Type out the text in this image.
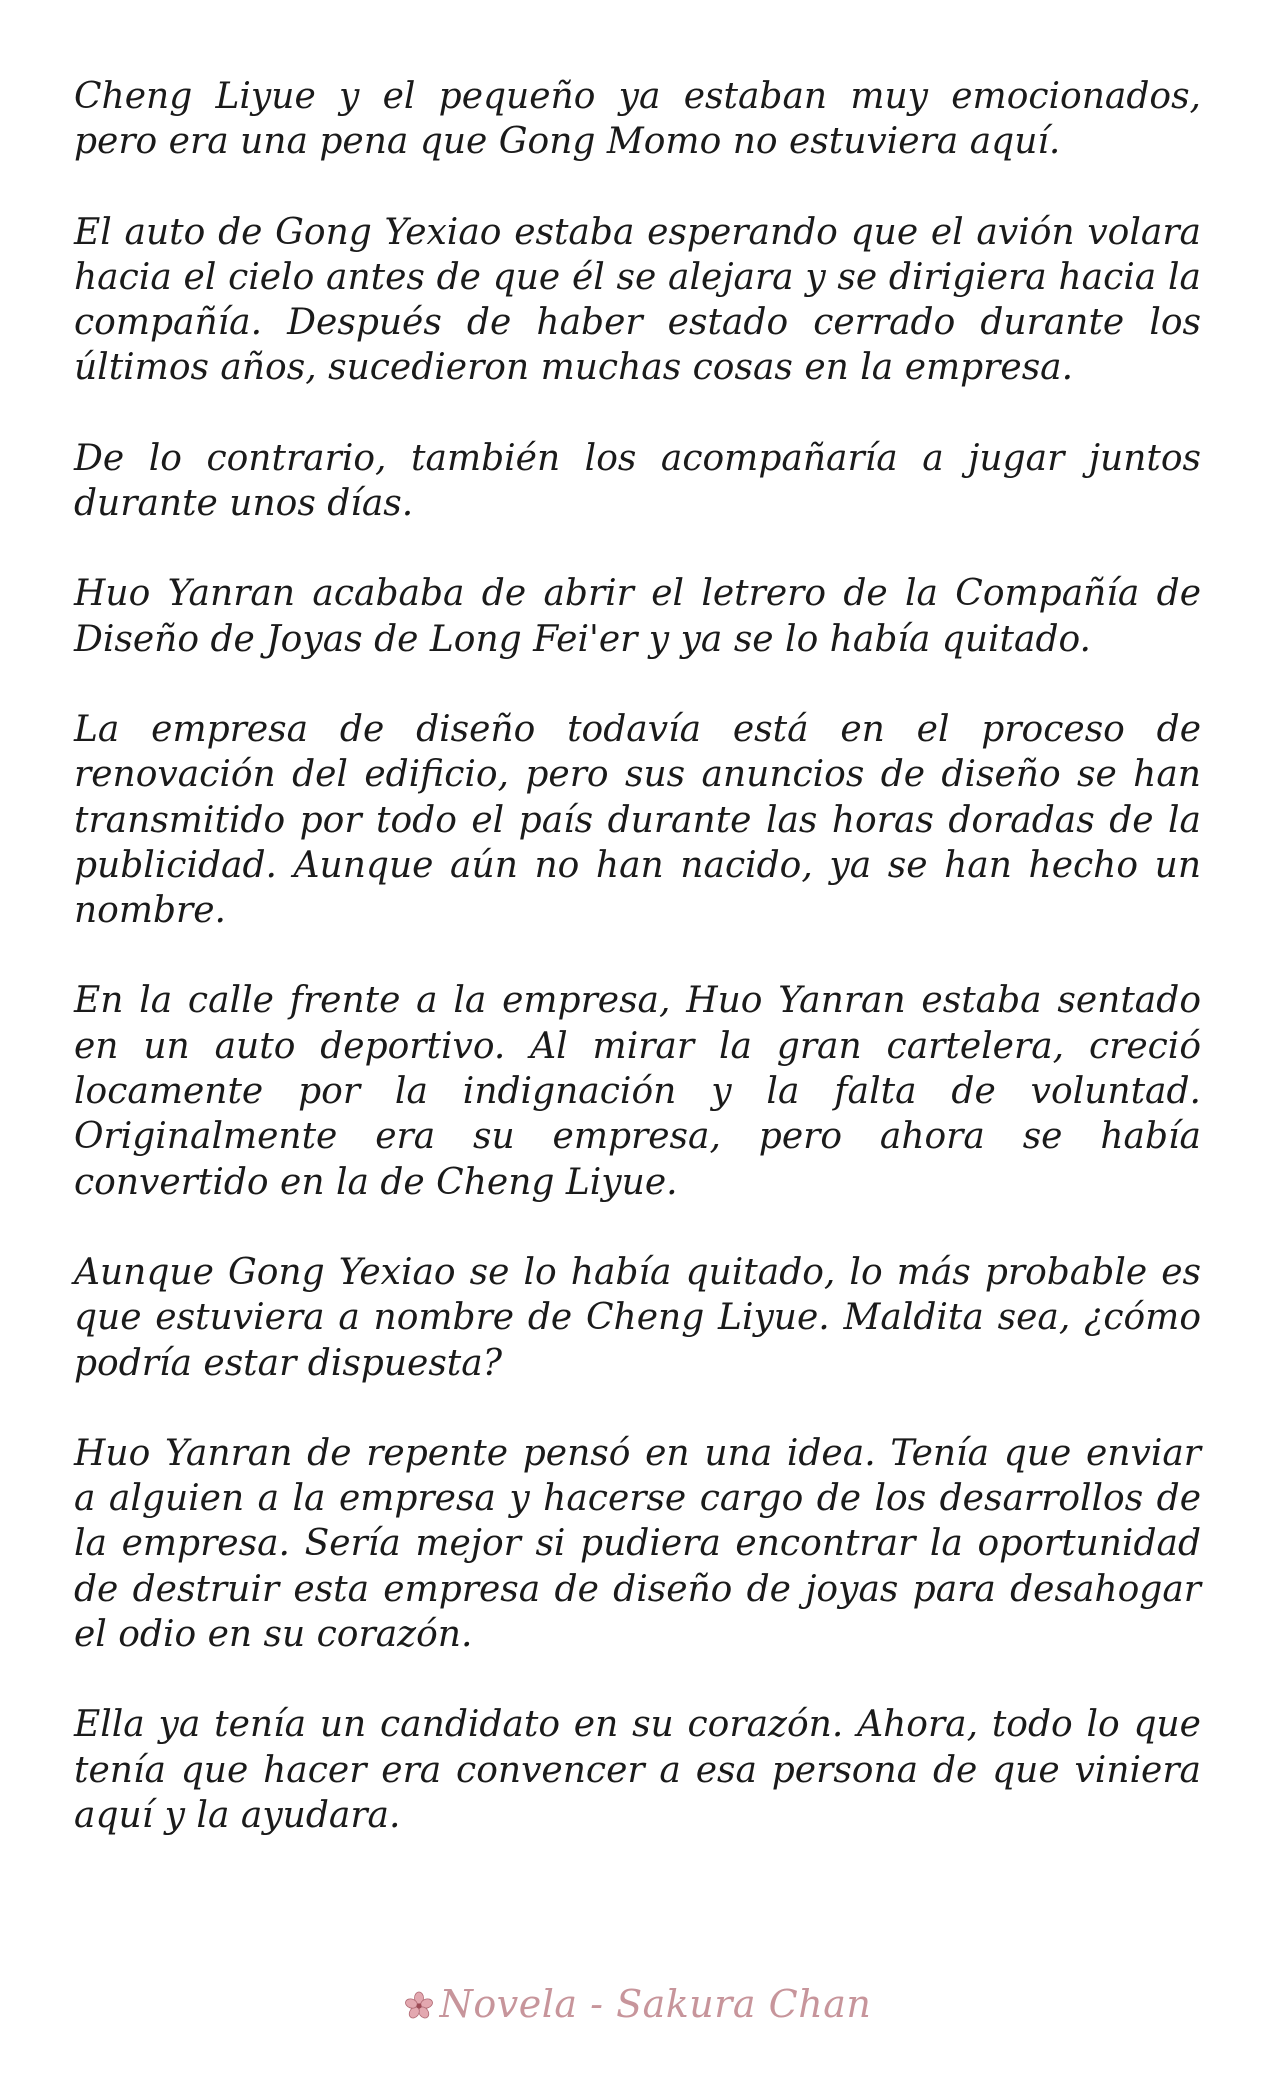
Cheng Liyue y el pequeño ya estaban muy emocionados, pero era una pena que Gong Momo no estuviera aquí.

El auto de Gong Yexiao estaba esperando que el avión volara hacia el cielo antes de que él se alejara y se dirigiera hacia la compañía. Después de haber estado cerrado durante los últimos años, sucedieron muchas cosas en la empresa.

De lo contrario, también los acompañaría a jugar juntos durante unos días.

Huo Yanran acababa de abrir el letrero de la Compañía de Diseño de Joyas de Long Fei'er y ya se lo había quitado.

La empresa de diseño todavía está en el proceso de renovación del edificio, pero sus anuncios de diseño se han transmitido por todo el país durante las horas doradas de la publicidad. Aunque aún no han nacido, ya se han hecho un nombre.

En la calle frente a la empresa, Huo Yanran estaba sentado en un auto deportivo. Al mirar la gran cartelera, creció locamente por la indignación y la falta de voluntad. Originalmente era su empresa, pero ahora se había convertido en la de Cheng Liyue.

Aunque Gong Yexiao se lo había quitado, lo más probable es que estuviera a nombre de Cheng Liyue. Maldita sea, ¿cómo podría estar dispuesta?

Huo Yanran de repente pensó en una idea. Tenía que enviar a alguien a la empresa y hacerse cargo de los desarrollos de la empresa. Sería mejor si pudiera encontrar la oportunidad de destruir esta empresa de diseño de joyas para desahogar el odio en su corazón.

Ella ya tenía un candidato en su corazón. Ahora, todo lo que tenía que hacer era convencer a esa persona de que viniera aquí y la ayudara.

Novela - Sakura Chan
